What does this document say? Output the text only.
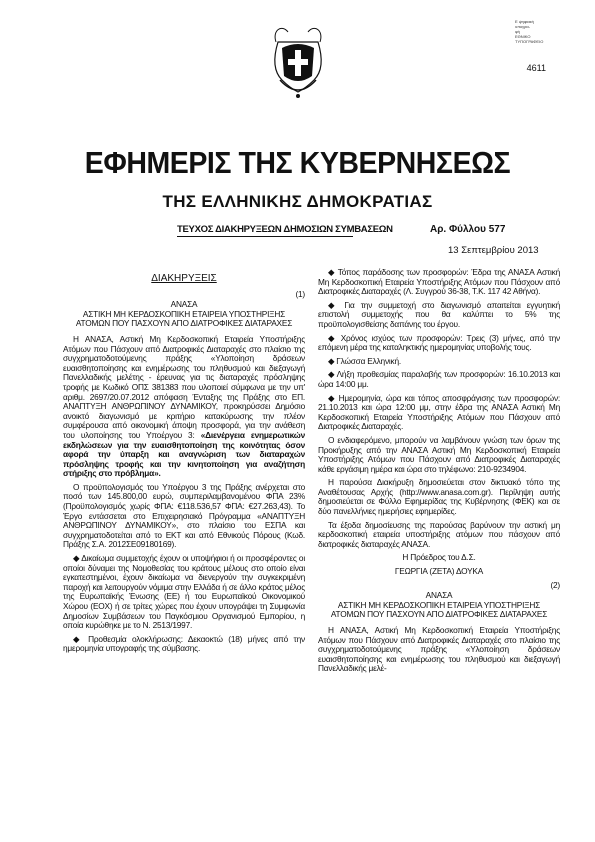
Ε ψηφιακή
υπογρα-
φή
ΕΘΝΙΚΟ
ΤΥΠΟΓΡΑΦΕΙΟ
4611
ΕΦΗΜΕΡΙΣ ΤΗΣ ΚΥΒΕΡΝΗΣΕΩΣ
ΤΗΣ ΕΛΛΗΝΙΚΗΣ ΔΗΜΟΚΡΑΤΙΑΣ
ΤΕΥΧΟΣ ΔΙΑΚΗΡΥΞΕΩΝ ΔΗΜΟΣΙΩΝ ΣΥΜΒΑΣΕΩΝ	Αρ. Φύλλου 577
13 Σεπτεμβρίου 2013
ΔΙΑΚΗΡΥΞΕΙΣ
(1)
ΑΝΑΣΑ
ΑΣΤΙΚΗ ΜΗ ΚΕΡΔΟΣΚΟΠΙΚΗ ΕΤΑΙΡΕΙΑ ΥΠΟΣΤΗΡΙΞΗΣ
ΑΤΟΜΩΝ ΠΟΥ ΠΑΣΧΟΥΝ ΑΠΟ ΔΙΑΤΡΟΦΙΚΕΣ ΔΙΑΤΑΡΑΧΕΣ

Η ΑΝΑΣΑ, Αστική Μη Κερδοσκοπική Εταιρεία Υποστήριξης Ατόμων που Πάσχουν από Διατροφικές Διαταραχές στο πλαίσιο της συγχρηματοδοτούμενης πράξης «Υλοποίηση δράσεων ευαισθητοποίησης και ενημέρωσης του πληθυσμού και διεξαγωγή Πανελλαδικής μελέτης - έρευνας για τις διαταραχές πρόσληψης τροφής με Κωδικό ΟΠΣ 381383 που υλοποιεί σύμφωνα με την υπ' αριθμ. 2697/20.07.2012 απόφαση Ένταξης της Πράξης στο ΕΠ. ΑΝΑΠΤΥΞΗ ΑΝΘΡΩΠΙΝΟΥ ΔΥΝΑΜΙΚΟΥ, προκηρύσσει Δημόσιο ανοικτό διαγωνισμό με κριτήριο κατακύρωσης την πλέον συμφέρουσα από οικονομική άποψη προσφορά, για την ανάθεση του υλοποίησης του Υποέργου 3: «Διενέργεια ενημερωτικών εκδηλώσεων για την ευαισθητοποίηση της κοινότητας όσον αφορά την ύπαρξη και αναγνώριση των διαταραχών πρόσληψης τροφής και την κινητοποίηση για αναζήτηση στήριξης στο πρόβλημα».

Ο προϋπολογισμός του Υποέργου 3 της Πράξης ανέρχεται στο ποσό των 145.800,00 ευρώ, συμπεριλαμβανομένου ΦΠΑ 23% (Προϋπολογισμός χωρίς ΦΠΑ: €118.536,57 ΦΠΑ: €27.263,43). Το Έργο εντάσσεται στο Επιχειρησιακό Πρόγραμμα «ΑΝΑΠΤΥΞΗ ΑΝΘΡΩΠΙΝΟΥ ΔΥΝΑΜΙΚΟΥ», στο πλαίσιο του ΕΣΠΑ και συγχρηματοδοτείται από το ΕΚΤ και από Εθνικούς Πόρους (Κωδ. Πράξης Σ.Α. 2012ΣΕ09180169).

◆ Δικαίωμα συμμετοχής έχουν οι υποψήφιοι ή οι προσφέροντες οι οποίοι δύναμει της Νομοθεσίας του κράτους μέλους στο οποίο είναι εγκατεστημένοι, έχουν δικαίωμα να διενεργούν την συγκεκριμένη παροχή και λειτουργούν νόμιμα στην Ελλάδα ή σε άλλο κράτος μέλος της Ευρωπαϊκής Ένωσης (ΕΕ) ή του Ευρωπαϊκού Οικονομικού Χώρου (ΕΟΧ) ή σε τρίτες χώρες που έχουν υπογράψει τη Συμφωνία Δημοσίων Συμβάσεων του Παγκόσμιου Οργανισμού Εμπορίου, η οποία κυρώθηκε με το Ν. 2513/1997.

◆ Προθεσμία ολοκλήρωσης: Δεκαοκτώ (18) μήνες από την ημερομηνία υπογραφής της σύμβασης.

◆ Τόπος παράδοσης των προσφορών: Έδρα της ΑΝΑΣΑ Αστική Μη Κερδοσκοπική Εταιρεία Υποστήριξης Ατόμων που Πάσχουν από Διατροφικές Διαταραχές (Λ. Συγγρού 36-38, Τ.Κ. 117 42 Αθήνα).

◆ Για την συμμετοχή στο διαγωνισμό απαιτείται εγγυητική επιστολή συμμετοχής που θα καλύπτει το 5% της προϋπολογισθείσης δαπάνης του έργου.

◆ Χρόνος ισχύος των προσφορών: Τρεις (3) μήνες, από την επόμενη μέρα της καταληκτικής ημερομηνίας υποβολής τους.

◆ Γλώσσα Ελληνική.

◆ Λήξη προθεσμίας παραλαβής των προσφορών: 16.10.2013 και ώρα 14:00 μμ.

◆ Ημερομηνία, ώρα και τόπος αποσφράγισης των προσφορών: 21.10.2013 και ώρα 12:00 μμ, στην έδρα της ΑΝΑΣΑ Αστική Μη Κερδοσκοπική Εταιρεία Υποστήριξης Ατόμων που Πάσχουν από Διατροφικές Διαταραχές.

Ο ενδιαφερόμενο, μπορούν να λαμβάνουν γνώση των όρων της Προκήρυξης από την ΑΝΑΣΑ Αστική Μη Κερδοσκοπική Εταιρεία Υποστήριξης Ατόμων που Πάσχουν από Διατροφικές Διαταραχές κάθε εργάσιμη ημέρα και ώρα στο τηλέφωνο: 210-9234904.

Η παρούσα Διακήρυξη δημοσιεύεται στον δικτυακό τόπο της Αναθέτουσας Αρχής (http://www.anasa.com.gr). Περίληψη αυτής δημοσιεύεται σε Φύλλο Εφημερίδας της Κυβέρνησης (ΦΕΚ) και σε δύο πανελλήνιες ημερήσιες εφημερίδες.

Τα έξοδα δημοσίευσης της παρούσας βαρύνουν την αστική μη κερδοσκοπική εταιρεία υποστήριξης ατόμων που πάσχουν από διατροφικές διαταραχές ΑΝΑΣΑ.

Η Πρόεδρος του Δ.Σ.
ΓΕΩΡΓΙΑ (ΖΕΤΑ) ΔΟΥΚΑ
(2)
ΑΝΑΣΑ
ΑΣΤΙΚΗ ΜΗ ΚΕΡΔΟΣΚΟΠΙΚΗ ΕΤΑΙΡΕΙΑ ΥΠΟΣΤΗΡΙΞΗΣ
ΑΤΟΜΩΝ ΠΟΥ ΠΑΣΧΟΥΝ ΑΠΟ ΔΙΑΤΡΟΦΙΚΕΣ ΔΙΑΤΑΡΑΧΕΣ

Η ΑΝΑΣΑ, Αστική Μη Κερδοσκοπική Εταιρεία Υποστήριξης Ατόμων που Πάσχουν από Διατροφικές Διαταραχές στο πλαίσιο της συγχρηματοδοτούμενης πράξης «Υλοποίηση δράσεων ευαισθητοποίησης και ενημέρωσης του πληθυσμού και διεξαγωγή Πανελλαδικής μελέ-
